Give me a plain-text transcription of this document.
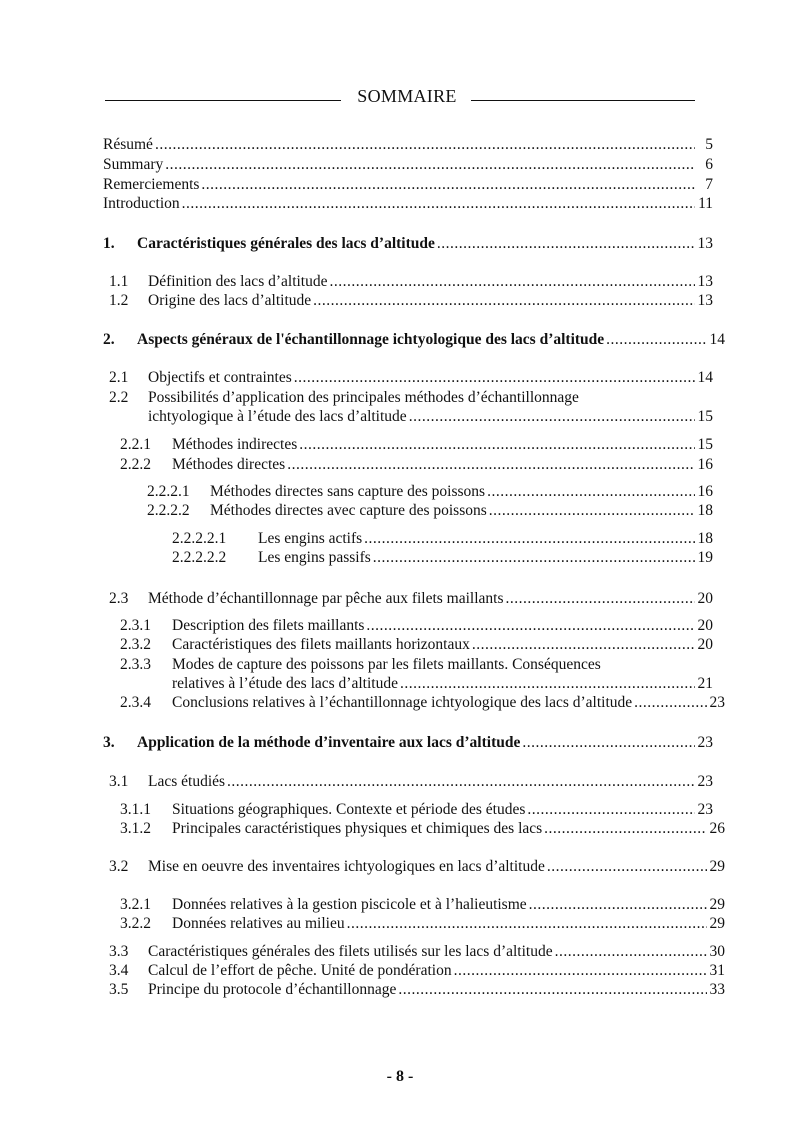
SOMMAIRE
Résumé .....	5
Summary .....	6
Remerciements .....	7
Introduction .....	11
1.	Caractéristiques générales des lacs d’altitude .....	13
1.1	Définition des lacs d’altitude .....	13
1.2	Origine des lacs d’altitude .....	13
2.	Aspects généraux de l'échantillonnage ichtyologique des lacs d’altitude .....	14
2.1	Objectifs et contraintes .....	14
2.2 Possibilités d’application des principales méthodes d’échantillonnage
ichtyologique à l’étude des lacs d’altitude .....	15
2.2.1	Méthodes indirectes .....	15
2.2.2	Méthodes directes .....	16
2.2.2.1	Méthodes directes sans capture des poissons .....	16
2.2.2.2	Méthodes directes avec capture des poissons .....	18
2.2.2.2.1	Les engins actifs .....	18
2.2.2.2.2	Les engins passifs .....	19
2.3	Méthode d’échantillonnage par pêche aux filets maillants .....	20
2.3.1	Description des filets maillants .....	20
2.3.2	Caractéristiques des filets maillants horizontaux .....	20
2.3.3 Modes de capture des poissons par les filets maillants. Conséquences
relatives à l’étude des lacs d’altitude .....	21
2.3.4	Conclusions relatives à l’échantillonnage ichtyologique des lacs d’altitude .....	23
3.	Application de la méthode d’inventaire aux lacs d’altitude .....	23
3.1	Lacs étudiés .....	23
3.1.1	Situations géographiques. Contexte et période des études .....	23
3.1.2	Principales caractéristiques physiques et chimiques des lacs .....	26
3.2	Mise en oeuvre des inventaires ichtyologiques en lacs d’altitude .....	29
3.2.1	Données relatives à la gestion piscicole et à l’halieutisme .....	29
3.2.2	Données relatives au milieu .....	29
3.3	Caractéristiques générales des filets utilisés sur les lacs d’altitude .....	30
3.4	Calcul de l’effort de pêche. Unité de pondération .....	31
3.5	Principe du protocole d’échantillonnage .....	33
- 8 -
